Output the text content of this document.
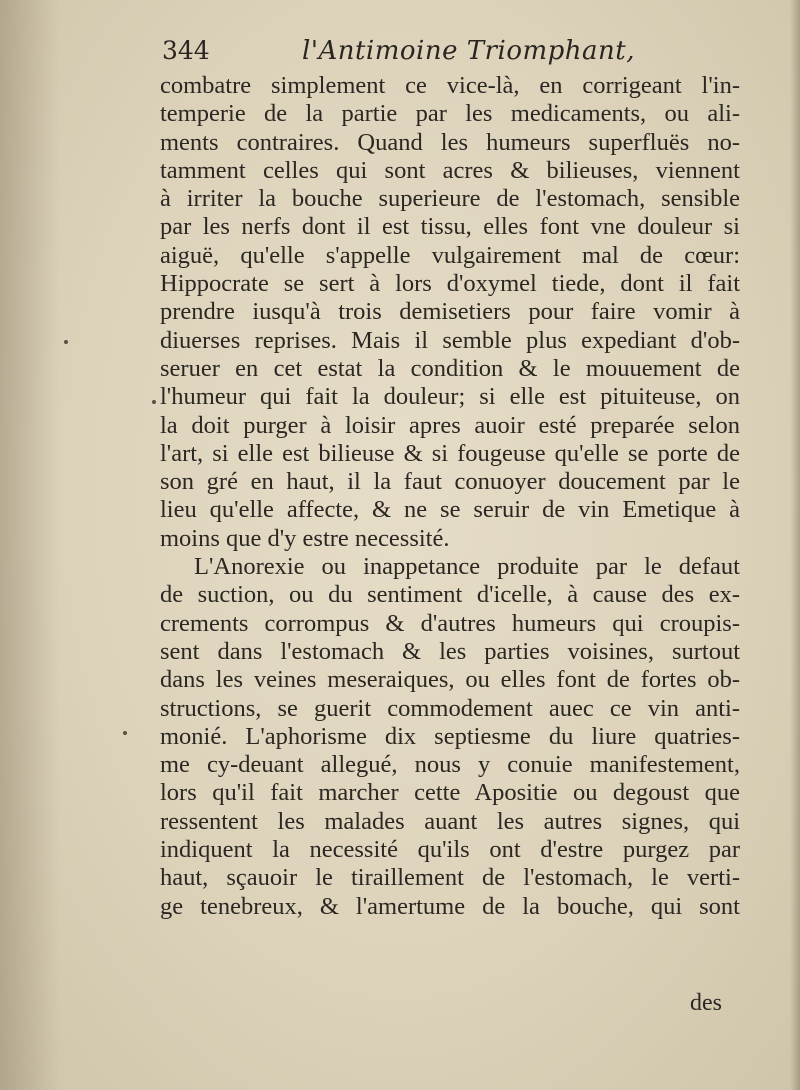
344	l'Antimoine Triomphant,
combatre simplement ce vice-là, en corrigeant l'in-
temperie de la partie par les medicaments, ou ali-
ments contraires. Quand les humeurs superfluës no-
tamment celles qui sont acres & bilieuses, viennent
à irriter la bouche superieure de l'estomach, sensible
par les nerfs dont il est tissu, elles font vne douleur si
aiguë, qu'elle s'appelle vulgairement mal de cœur:
Hippocrate se sert à lors d'oxymel tiede, dont il fait
prendre iusqu'à trois demisetiers pour faire vomir à
diuerses reprises. Mais il semble plus expediant d'ob-
seruer en cet estat la condition & le mouuement de
l'humeur qui fait la douleur; si elle est pituiteuse, on
la doit purger à loisir apres auoir esté preparée selon
l'art, si elle est bilieuse & si fougeuse qu'elle se porte de
son gré en haut, il la faut conuoyer doucement par le
lieu qu'elle affecte, & ne se seruir de vin Emetique à
moins que d'y estre necessité.
L'Anorexie ou inappetance produite par le defaut
de suction, ou du sentiment d'icelle, à cause des ex-
crements corrompus & d'autres humeurs qui croupis-
sent dans l'estomach & les parties voisines, surtout
dans les veines meseraiques, ou elles font de fortes ob-
structions, se guerit commodement auec ce vin anti-
monié. L'aphorisme dix septiesme du liure quatries-
me cy-deuant allegué, nous y conuie manifestement,
lors qu'il fait marcher cette Apositie ou degoust que
ressentent les malades auant les autres signes, qui
indiquent la necessité qu'ils ont d'estre purgez par
haut, sçauoir le tiraillement de l'estomach, le verti-
ge tenebreux, & l'amertume de la bouche, qui sont
des
